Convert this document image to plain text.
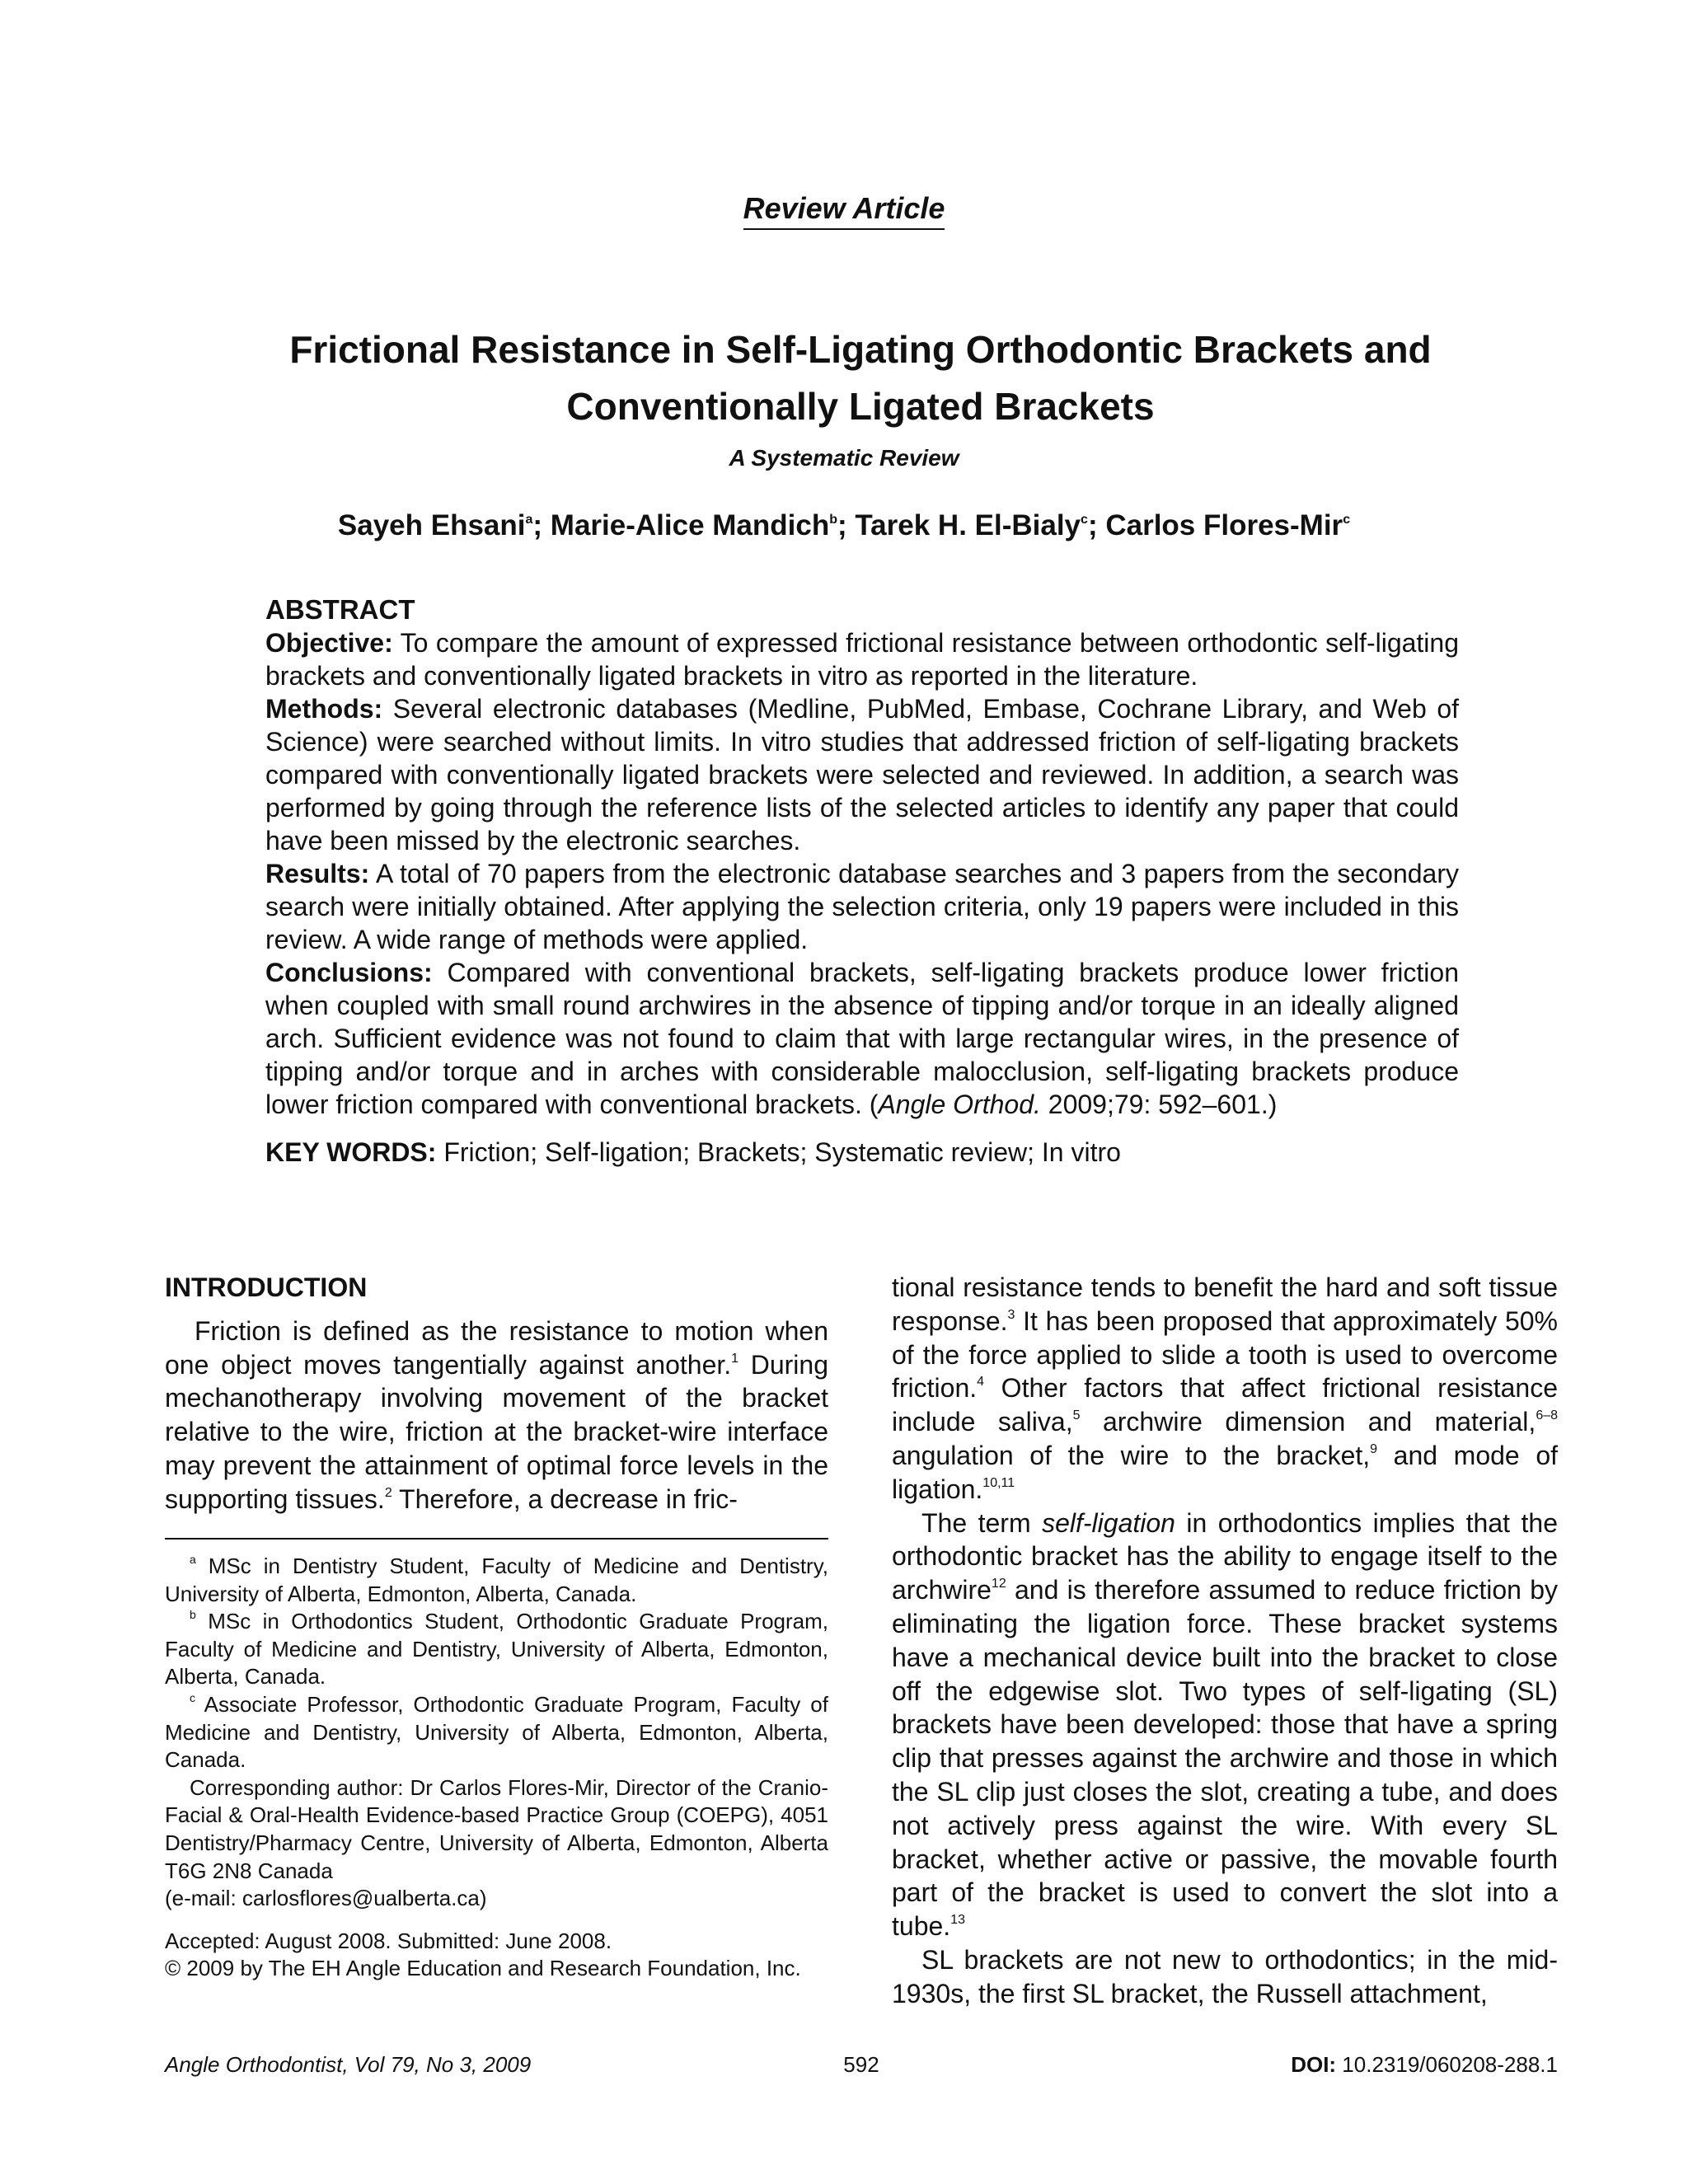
Review Article
Frictional Resistance in Self-Ligating Orthodontic Brackets and Conventionally Ligated Brackets
A Systematic Review
Sayeh Ehsani$^a$; Marie-Alice Mandich$^b$; Tarek H. El-Bialy$^c$; Carlos Flores-Mir$^c$

ABSTRACT

Objective: To compare the amount of expressed frictional resistance between orthodontic self-ligating brackets and conventionally ligated brackets in vitro as reported in the literature.

Methods: Several electronic databases (Medline, PubMed, Embase, Cochrane Library, and Web of Science) were searched without limits. In vitro studies that addressed friction of self-ligating brackets compared with conventionally ligated brackets were selected and reviewed. In addition, a search was performed by going through the reference lists of the selected articles to identify any paper that could have been missed by the electronic searches.

Results: A total of 70 papers from the electronic database searches and 3 papers from the secondary search were initially obtained. After applying the selection criteria, only 19 papers were included in this review. A wide range of methods were applied.

Conclusions: Compared with conventional brackets, self-ligating brackets produce lower friction when coupled with small round archwires in the absence of tipping and/or torque in an ideally aligned arch. Sufficient evidence was not found to claim that with large rectangular wires, in the presence of tipping and/or torque and in arches with considerable malocclusion, self-ligating brackets produce lower friction compared with conventional brackets. (Angle Orthod. 2009;79: 592–601.)

KEY WORDS: Friction; Self-ligation; Brackets; Systematic review; In vitro

INTRODUCTION

Friction is defined as the resistance to motion when one object moves tangentially against another.$^1$ During mechanotherapy involving movement of the bracket relative to the wire, friction at the bracket-wire interface may prevent the attainment of optimal force levels in the supporting tissues.$^2$ Therefore, a decrease in fric-

$^a$ MSc in Dentistry Student, Faculty of Medicine and Dentistry, University of Alberta, Edmonton, Alberta, Canada.

$^b$ MSc in Orthodontics Student, Orthodontic Graduate Program, Faculty of Medicine and Dentistry, University of Alberta, Edmonton, Alberta, Canada.

$^c$ Associate Professor, Orthodontic Graduate Program, Faculty of Medicine and Dentistry, University of Alberta, Edmonton, Alberta, Canada.

Corresponding author: Dr Carlos Flores-Mir, Director of the Cranio-Facial & Oral-Health Evidence-based Practice Group (COEPG), 4051 Dentistry/Pharmacy Centre, University of Alberta, Edmonton, Alberta T6G 2N8 Canada

(e-mail: carlosflores@ualberta.ca)

Accepted: August 2008. Submitted: June 2008.

© 2009 by The EH Angle Education and Research Foundation, Inc.

tional resistance tends to benefit the hard and soft tissue response.$^3$ It has been proposed that approximately 50% of the force applied to slide a tooth is used to overcome friction.$^4$ Other factors that affect frictional resistance include saliva,$^5$ archwire dimension and material,$^{6-8}$ angulation of the wire to the bracket,$^9$ and mode of ligation.$^{10,11}$

The term self-ligation in orthodontics implies that the orthodontic bracket has the ability to engage itself to the archwire$^{12}$ and is therefore assumed to reduce friction by eliminating the ligation force. These bracket systems have a mechanical device built into the bracket to close off the edgewise slot. Two types of self-ligating (SL) brackets have been developed: those that have a spring clip that presses against the archwire and those in which the SL clip just closes the slot, creating a tube, and does not actively press against the wire. With every SL bracket, whether active or passive, the movable fourth part of the bracket is used to convert the slot into a tube.$^{13}$

SL brackets are not new to orthodontics; in the mid-1930s, the first SL bracket, the Russell attachment,

Angle Orthodontist, Vol 79, No 3, 2009	592	DOI: 10.2319/060208-288.1
